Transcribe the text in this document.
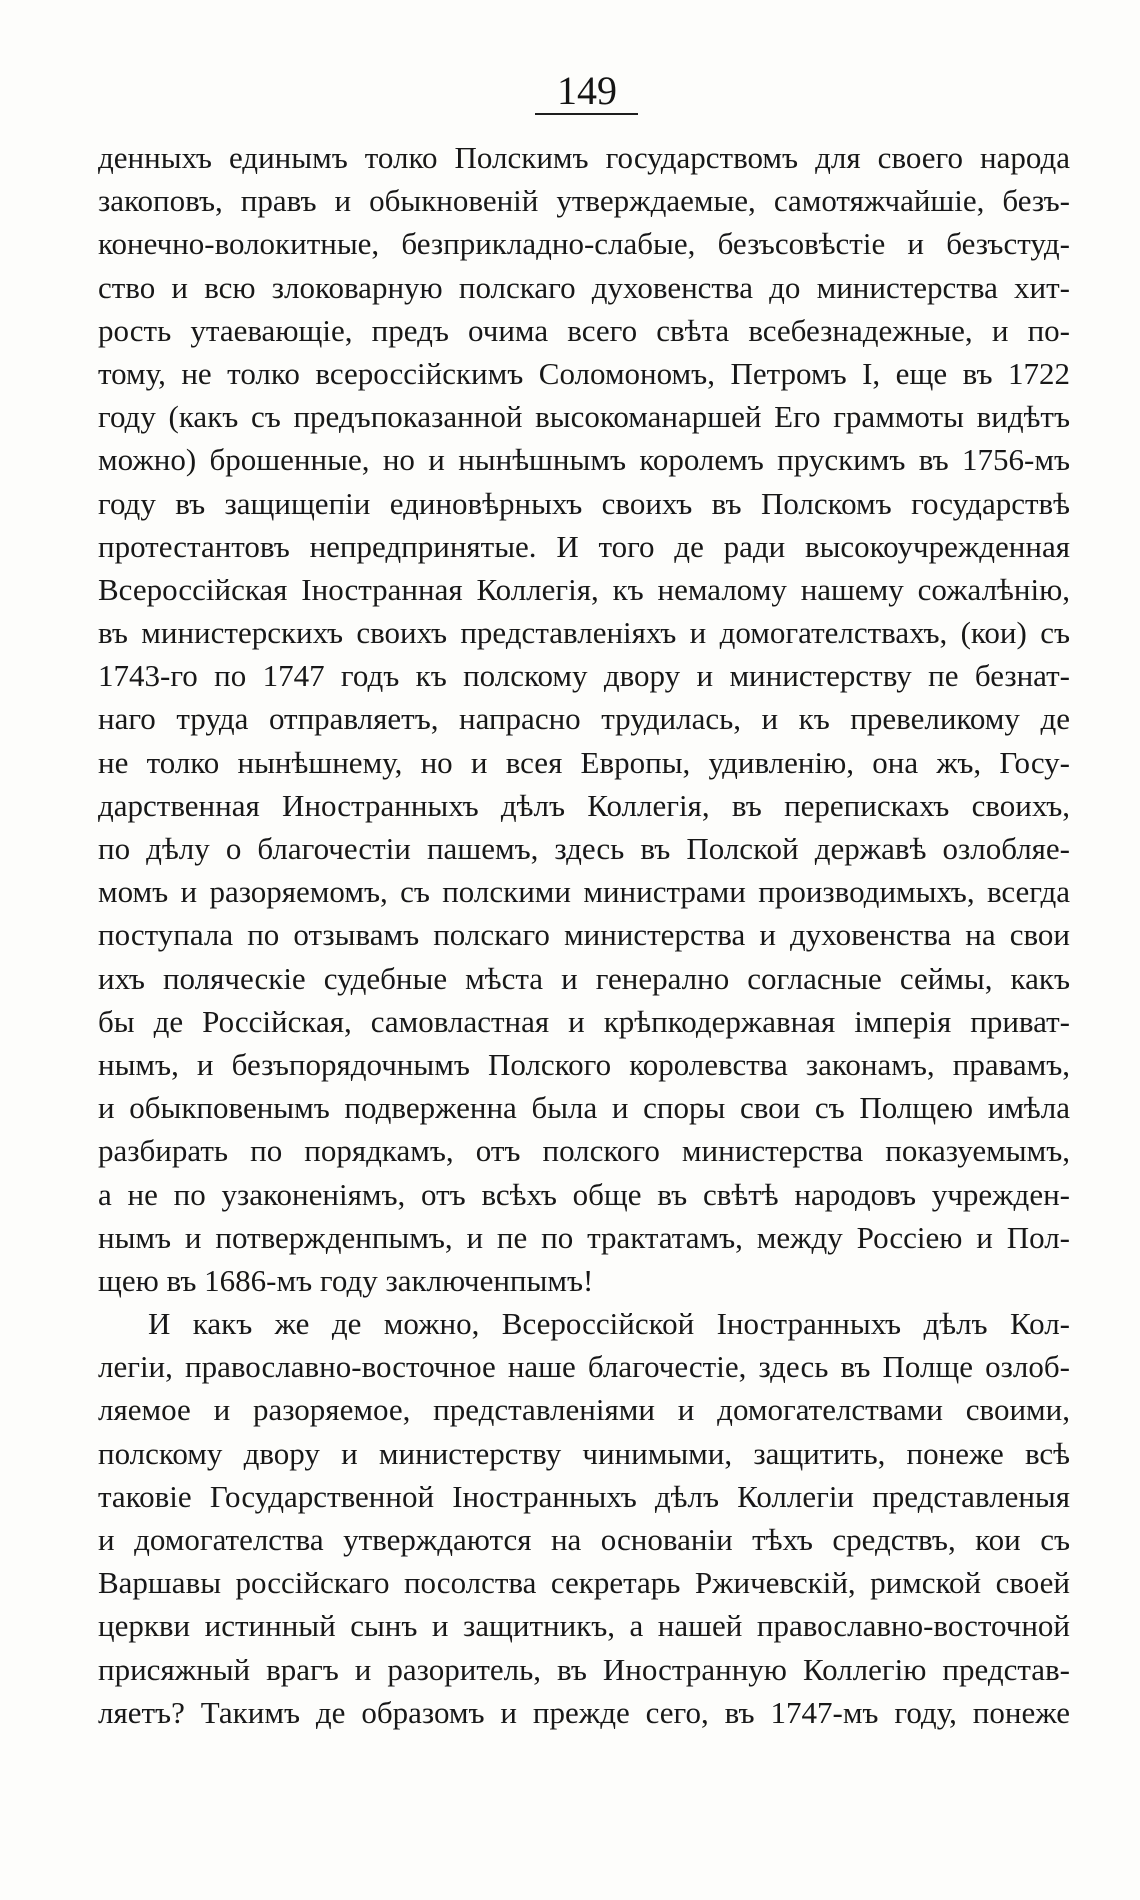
149
денныхъ единымъ толко Полскимъ государствомъ для своего народа
закоповъ, правъ и обыкновеній утверждаемые, самотяжчайшіе, безъ-
конечно-волокитные, безприкладно-слабые, безъсовѣстіе и безъстуд-
ство и всю злоковарную полскаго духовенства до министерства хит-
рость утаевающіе, предъ очима всего свѣта всебезнадежные, и по-
тому, не толко всероссійскимъ Соломономъ, Петромъ I, еще въ 1722
году (какъ съ предъпоказанной высокоманаршей Его граммоты видѣтъ
можно) брошенные, но и нынѣшнымъ королемъ прускимъ въ 1756-мъ
году въ защищепіи единовѣрныхъ своихъ въ Полскомъ государствѣ
протестантовъ непредпринятые. И того де ради высокоучрежденная
Всероссійская Іностранная Коллегія, къ немалому нашему сожалѣнію,
въ министерскихъ своихъ представленіяхъ и домогателствахъ, (кои) съ
1743-го по 1747 годъ къ полскому двору и министерству пе безнат-
наго труда отправляетъ, напрасно трудилась, и къ превеликому де
не толко нынѣшнему, но и всея Европы, удивленію, она жъ, Госу-
дарственная Иностранныхъ дѣлъ Коллегія, въ перепискахъ своихъ,
по дѣлу о благочестіи пашемъ, здесь въ Полской державѣ озлобляе-
момъ и разоряемомъ, съ полскими министрами производимыхъ, всегда
поступала по отзывамъ полскаго министерства и духовенства на свои
ихъ поляческіе судебные мѣста и генерално согласные сеймы, какъ
бы де Россійская, самовластная и крѣпкодержавная імперія приват-
нымъ, и безъпорядочнымъ Полского королевства законамъ, правамъ,
и обыкповенымъ подверженна была и споры свои съ Полщею имѣла
разбирать по порядкамъ, отъ полского министерства показуемымъ,
а не по узаконеніямъ, отъ всѣхъ обще въ свѣтѣ народовъ учрежден-
нымъ и потвержденпымъ, и пе по трактатамъ, между Россіею и Пол-
щею въ 1686-мъ году заключенпымъ!
И какъ же де можно, Всероссійской Іностранныхъ дѣлъ Кол-
легіи, православно-восточное наше благочестіе, здесь въ Полще озлоб-
ляемое и разоряемое, представленіями и домогателствами своими,
полскому двору и министерству чинимыми, защитить, понеже всѣ
таковіе Государственной Іностранныхъ дѣлъ Коллегіи представленыя
и домогателства утверждаются на основаніи тѣхъ средствъ, кои съ
Варшавы россійскаго посолства секретарь Ржичевскій, римской своей
церкви истинный сынъ и защитникъ, а нашей православно-восточной
присяжный врагъ и разоритель, въ Иностранную Коллегію представ-
ляетъ? Такимъ де образомъ и прежде сего, въ 1747-мъ году, понеже
